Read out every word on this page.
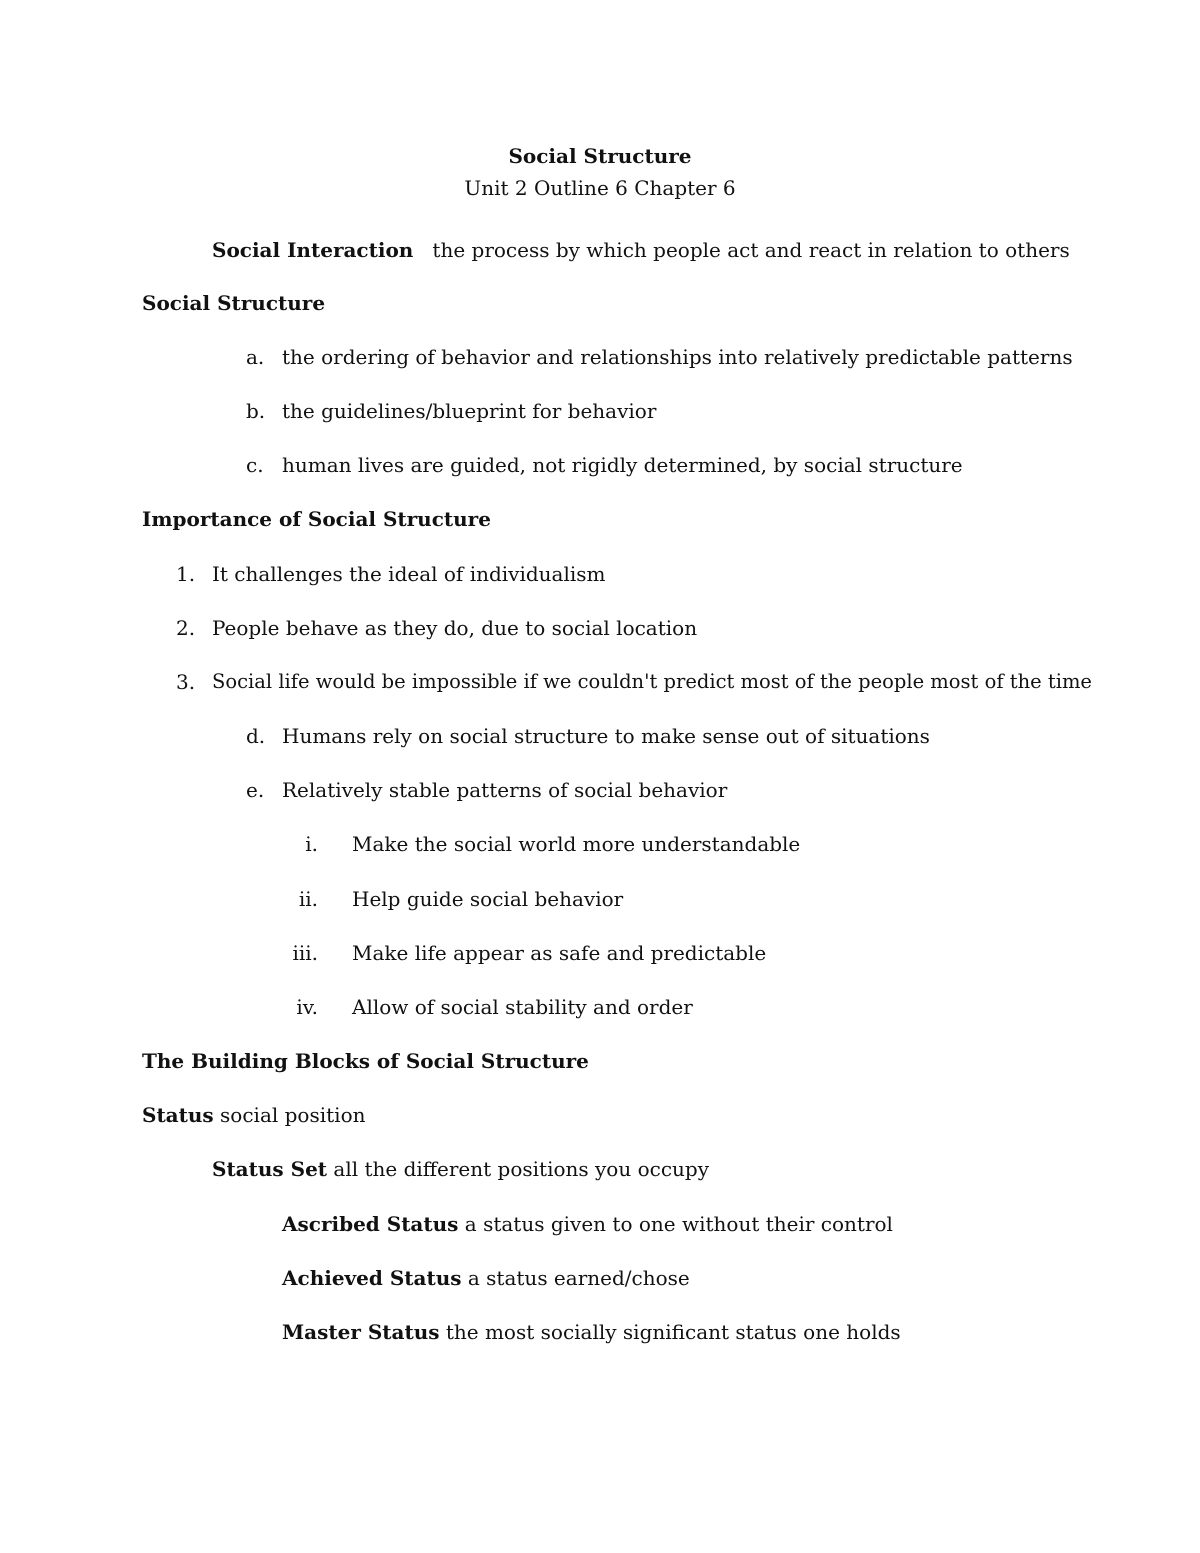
Social Structure
Unit 2 Outline 6 Chapter 6
Social Interaction the process by which people act and react in relation to others
Social Structure
a. the ordering of behavior and relationships into relatively predictable patterns
b. the guidelines/blueprint for behavior
c. human lives are guided, not rigidly determined, by social structure
Importance of Social Structure
1. It challenges the ideal of individualism
2. People behave as they do, due to social location
3. Social life would be impossible if we couldn't predict most of the people most of the time
d. Humans rely on social structure to make sense out of situations
e. Relatively stable patterns of social behavior
i. Make the social world more understandable
ii. Help guide social behavior
iii. Make life appear as safe and predictable
iv. Allow of social stability and order
The Building Blocks of Social Structure
Status social position
Status Set all the different positions you occupy
Ascribed Status a status given to one without their control
Achieved Status a status earned/chose
Master Status the most socially significant status one holds
